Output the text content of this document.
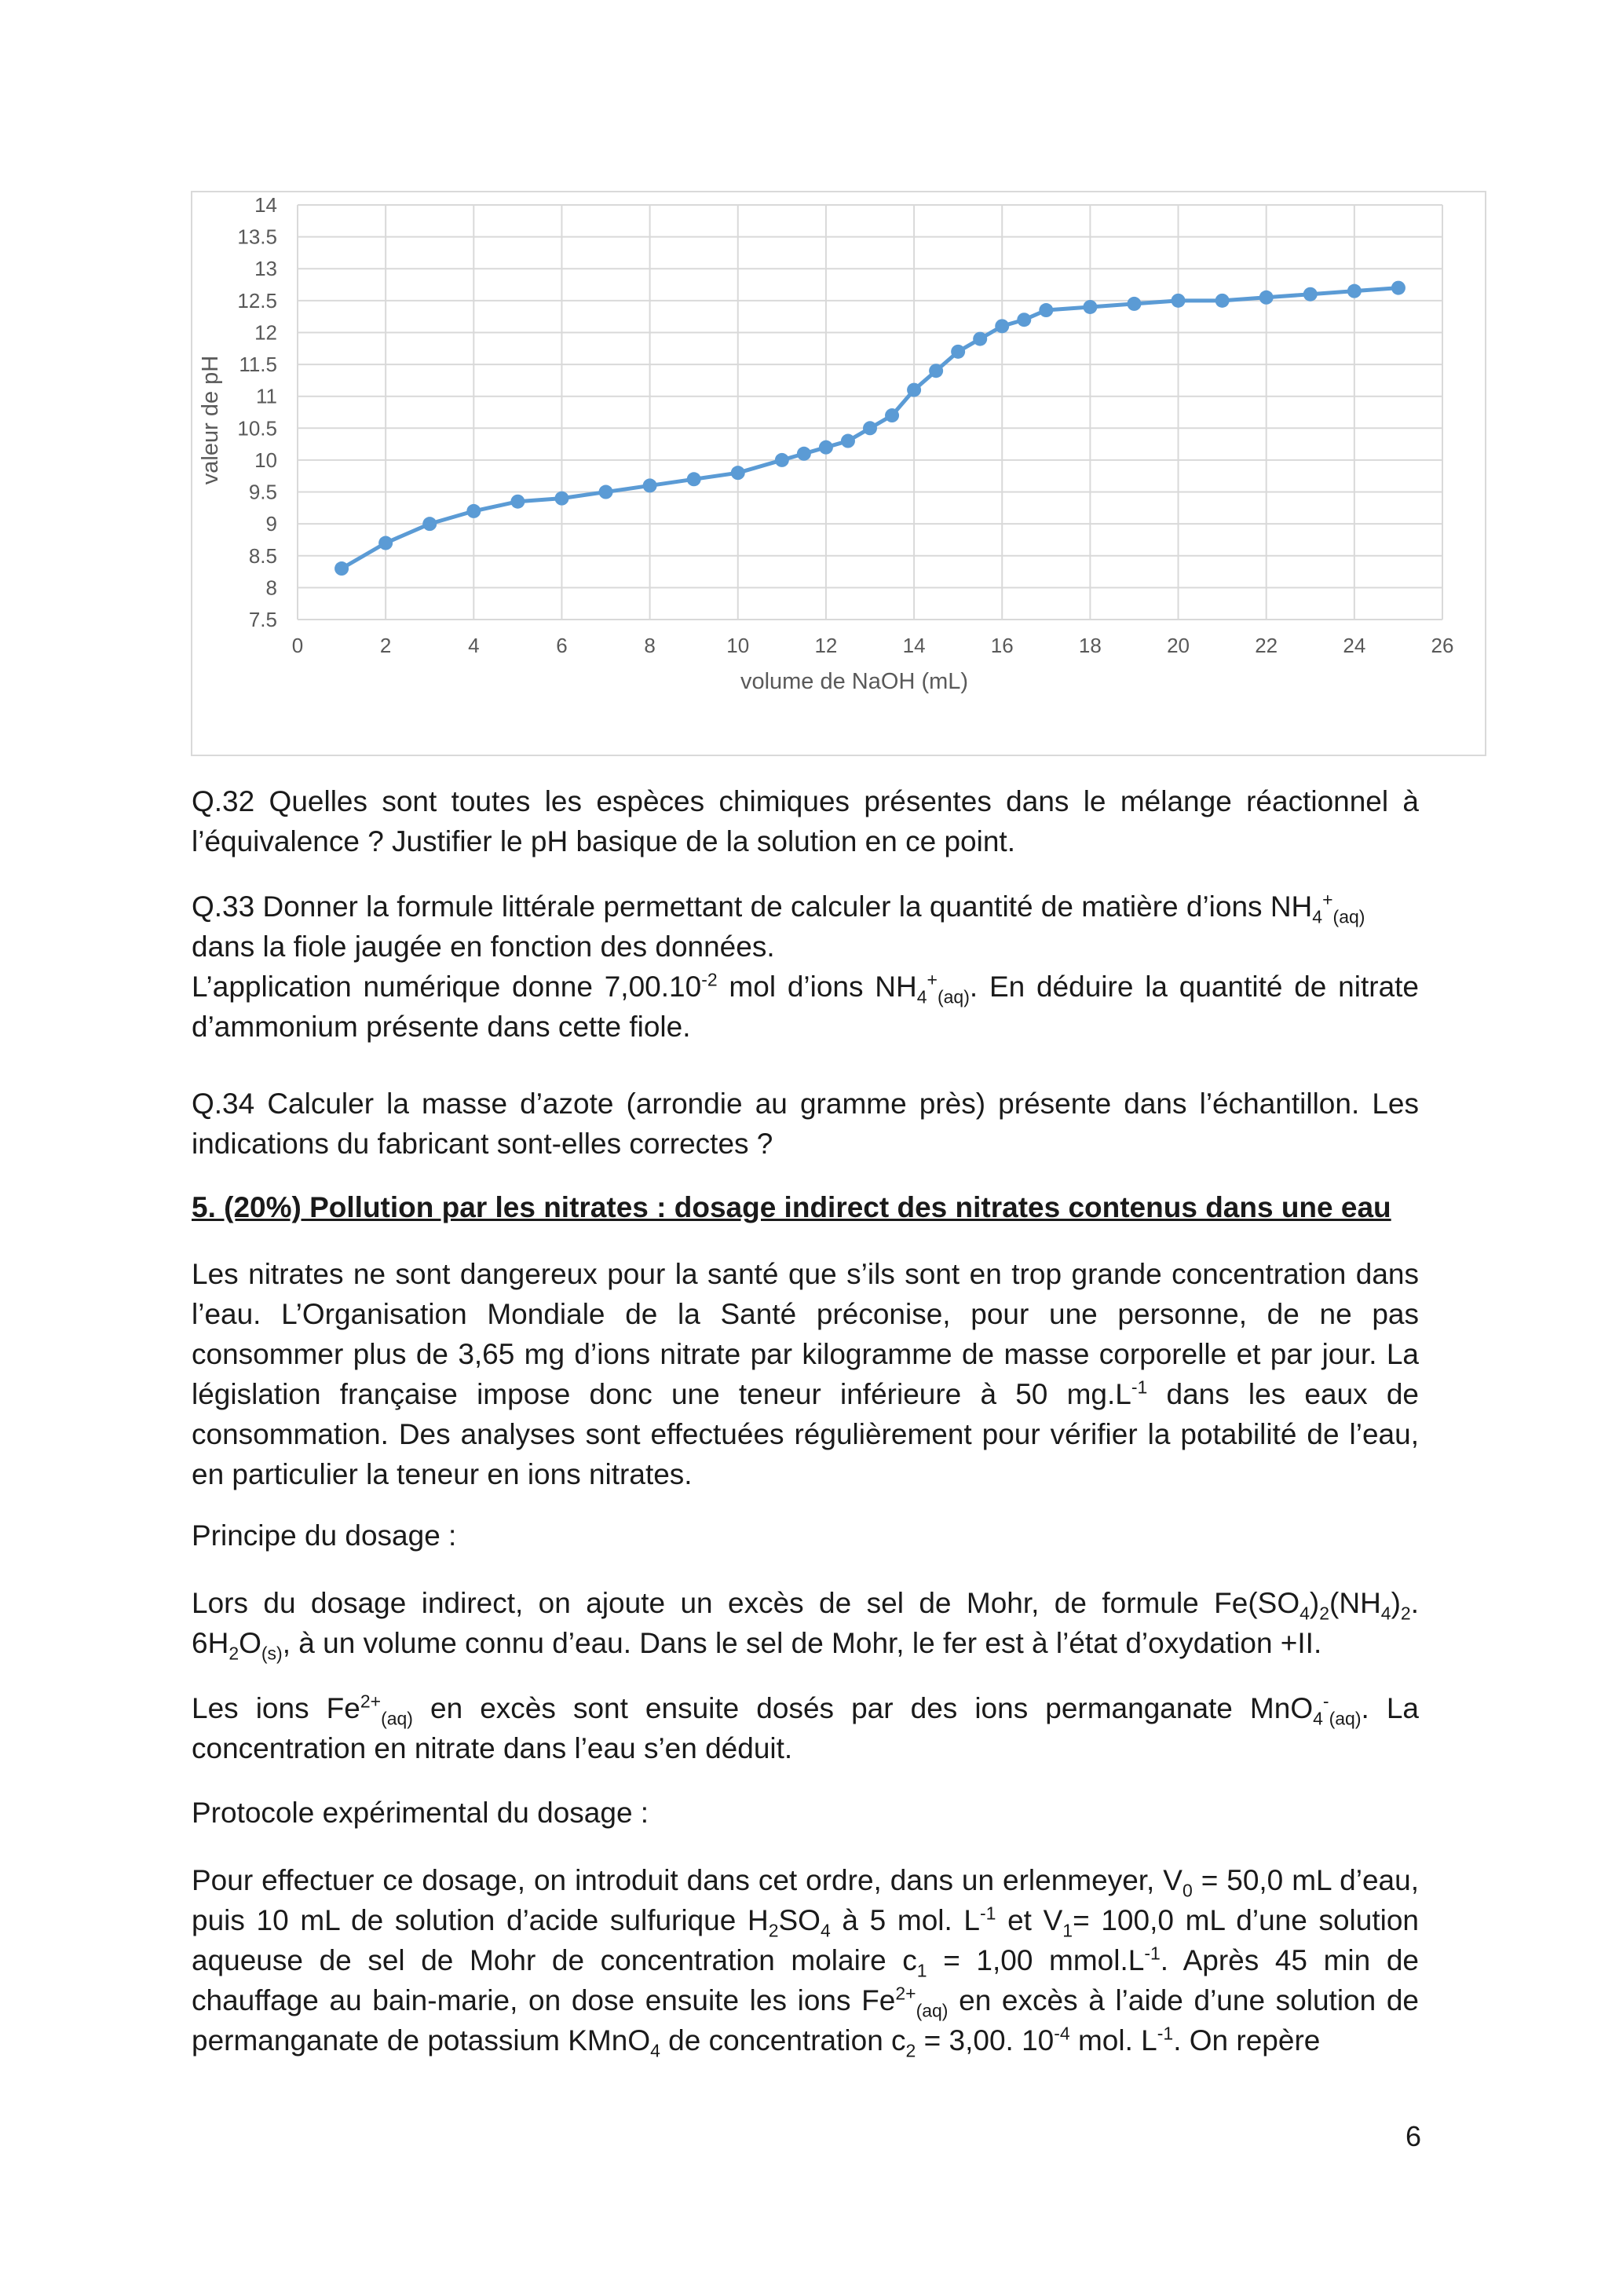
0	2	4	6	8	10	12	14	16	18	20	22	24	26
14
13.5
13
12.5
12
11.5
11
10.5
10
9.5
9
8.5
8
7.5
volume de NaOH (mL)
valeur de pH

Q.32 Quelles sont toutes les espèces chimiques présentes dans le mélange réactionnel à l’équivalence ? Justifier le pH basique de la solution en ce point.

Q.33 Donner la formule littérale permettant de calculer la quantité de matière d’ions $NH_4^+_{(aq)}$

dans la fiole jaugée en fonction des données.

L’application numérique donne $7,00.10^{-2}$ mol d’ions $NH_4^+_{(aq)}$. En déduire la quantité de nitrate d’ammonium présente dans cette fiole.

Q.34 Calculer la masse d’azote (arrondie au gramme près) présente dans l’échantillon. Les indications du fabricant sont-elles correctes ?

5. (20%) Pollution par les nitrates : dosage indirect des nitrates contenus dans une eau

Les nitrates ne sont dangereux pour la santé que s’ils sont en trop grande concentration dans l’eau. L’Organisation Mondiale de la Santé préconise, pour une personne, de ne pas consommer plus de 3,65 mg d’ions nitrate par kilogramme de masse corporelle et par jour. La législation française impose donc une teneur inférieure à 50 $mg.L^{-1}$ dans les eaux de consommation. Des analyses sont effectuées régulièrement pour vérifier la potabilité de l’eau, en particulier la teneur en ions nitrates.

Principe du dosage :

Lors du dosage indirect, on ajoute un excès de sel de Mohr, de formule $Fe(SO_4)_2(NH_4)_2$. $6H_2O_{(s)}$, à un volume connu d’eau. Dans le sel de Mohr, le fer est à l’état d’oxydation +II.

Les ions $Fe^{2+}_{(aq)}$ en excès sont ensuite dosés par des ions permanganate MnO$_4$-$_{(aq)}$. La concentration en nitrate dans l’eau s’en déduit.

Protocole expérimental du dosage :

Pour effectuer ce dosage, on introduit dans cet ordre, dans un erlenmeyer, $V_0 = 50,0$ mL d’eau, puis 10 mL de solution d’acide sulfurique $H_2SO_4$ à 5 mol. $L^{-1}$ et $V_1= 100,0$ mL d’une solution aqueuse de sel de Mohr de concentration molaire $c_1 = 1,00$ $mmol.L^{-1}$. Après 45 min de chauffage au bain-marie, on dose ensuite les ions $Fe^{2+}_{(aq)}$ en excès à l’aide d’une solution de permanganate de potassium KMnO$_4$ de concentration $c_2 = 3,00$. $10^{-4}$ mol. $L^{-1}$. On repère

6
